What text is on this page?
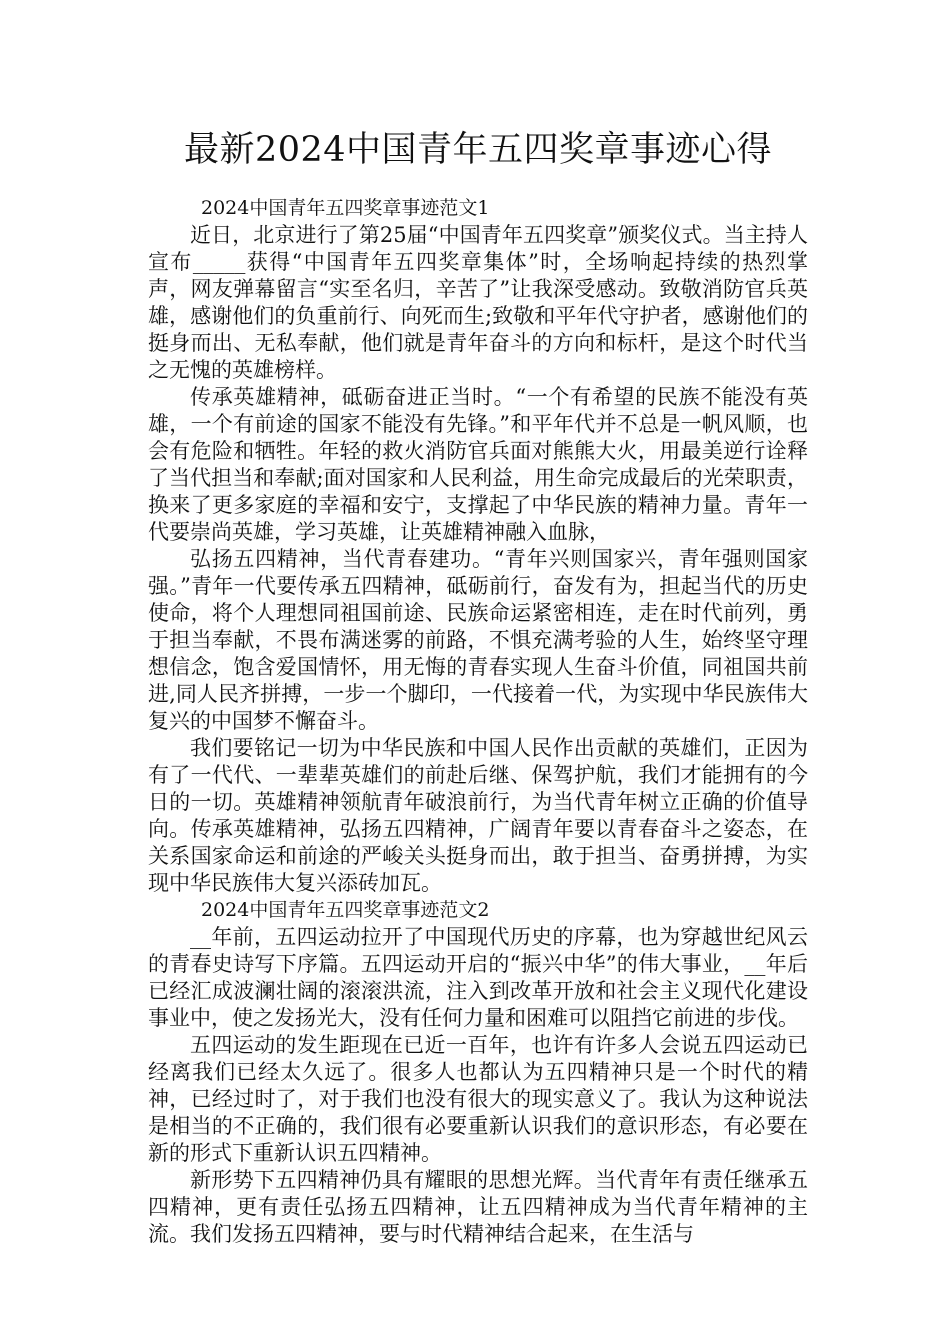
最新2024中国青年五四奖章事迹心得

2024中国青年五四奖章事迹范文1

近日，北京进行了第25届“中国青年五四奖章”颁奖仪式。当主持人宣布_____获得“中国青年五四奖章集体”时，全场响起持续的热烈掌声，网友弹幕留言“实至名归，辛苦了”让我深受感动。致敬消防官兵英雄，感谢他们的负重前行、向死而生;致敬和平年代守护者，感谢他们的挺身而出、无私奉献，他们就是青年奋斗的方向和标杆，是这个时代当之无愧的英雄榜样。

传承英雄精神，砥砺奋进正当时。“一个有希望的民族不能没有英雄，一个有前途的国家不能没有先锋。”和平年代并不总是一帆风顺，也会有危险和牺牲。年轻的救火消防官兵面对熊熊大火，用最美逆行诠释了当代担当和奉献;面对国家和人民利益，用生命完成最后的光荣职责，换来了更多家庭的幸福和安宁，支撑起了中华民族的精神力量。青年一代要崇尚英雄，学习英雄，让英雄精神融入血脉，

弘扬五四精神，当代青春建功。“青年兴则国家兴，青年强则国家强。”青年一代要传承五四精神，砥砺前行，奋发有为，担起当代的历史使命，将个人理想同祖国前途、民族命运紧密相连，走在时代前列，勇于担当奉献，不畏布满迷雾的前路，不惧充满考验的人生，始终坚守理想信念，饱含爱国情怀，用无悔的青春实现人生奋斗价值，同祖国共前进,同人民齐拼搏，一步一个脚印，一代接着一代，为实现中华民族伟大复兴的中国梦不懈奋斗。

我们要铭记一切为中华民族和中国人民作出贡献的英雄们，正因为有了一代代、一辈辈英雄们的前赴后继、保驾护航，我们才能拥有的今日的一切。英雄精神领航青年破浪前行，为当代青年树立正确的价值导向。传承英雄精神，弘扬五四精神，广阔青年要以青春奋斗之姿态，在关系国家命运和前途的严峻关头挺身而出，敢于担当、奋勇拼搏，为实现中华民族伟大复兴添砖加瓦。

2024中国青年五四奖章事迹范文2

__年前，五四运动拉开了中国现代历史的序幕，也为穿越世纪风云的青春史诗写下序篇。五四运动开启的“振兴中华”的伟大事业，__年后已经汇成波澜壮阔的滚滚洪流，注入到改革开放和社会主义现代化建设事业中，使之发扬光大，没有任何力量和困难可以阻挡它前进的步伐。

五四运动的发生距现在已近一百年，也许有许多人会说五四运动已经离我们已经太久远了。很多人也都认为五四精神只是一个时代的精神，已经过时了，对于我们也没有很大的现实意义了。我认为这种说法是相当的不正确的，我们很有必要重新认识我们的意识形态，有必要在新的形式下重新认识五四精神。

新形势下五四精神仍具有耀眼的思想光辉。当代青年有责任继承五四精神，更有责任弘扬五四精神，让五四精神成为当代青年精神的主流。我们发扬五四精神，要与时代精神结合起来，在生活与
